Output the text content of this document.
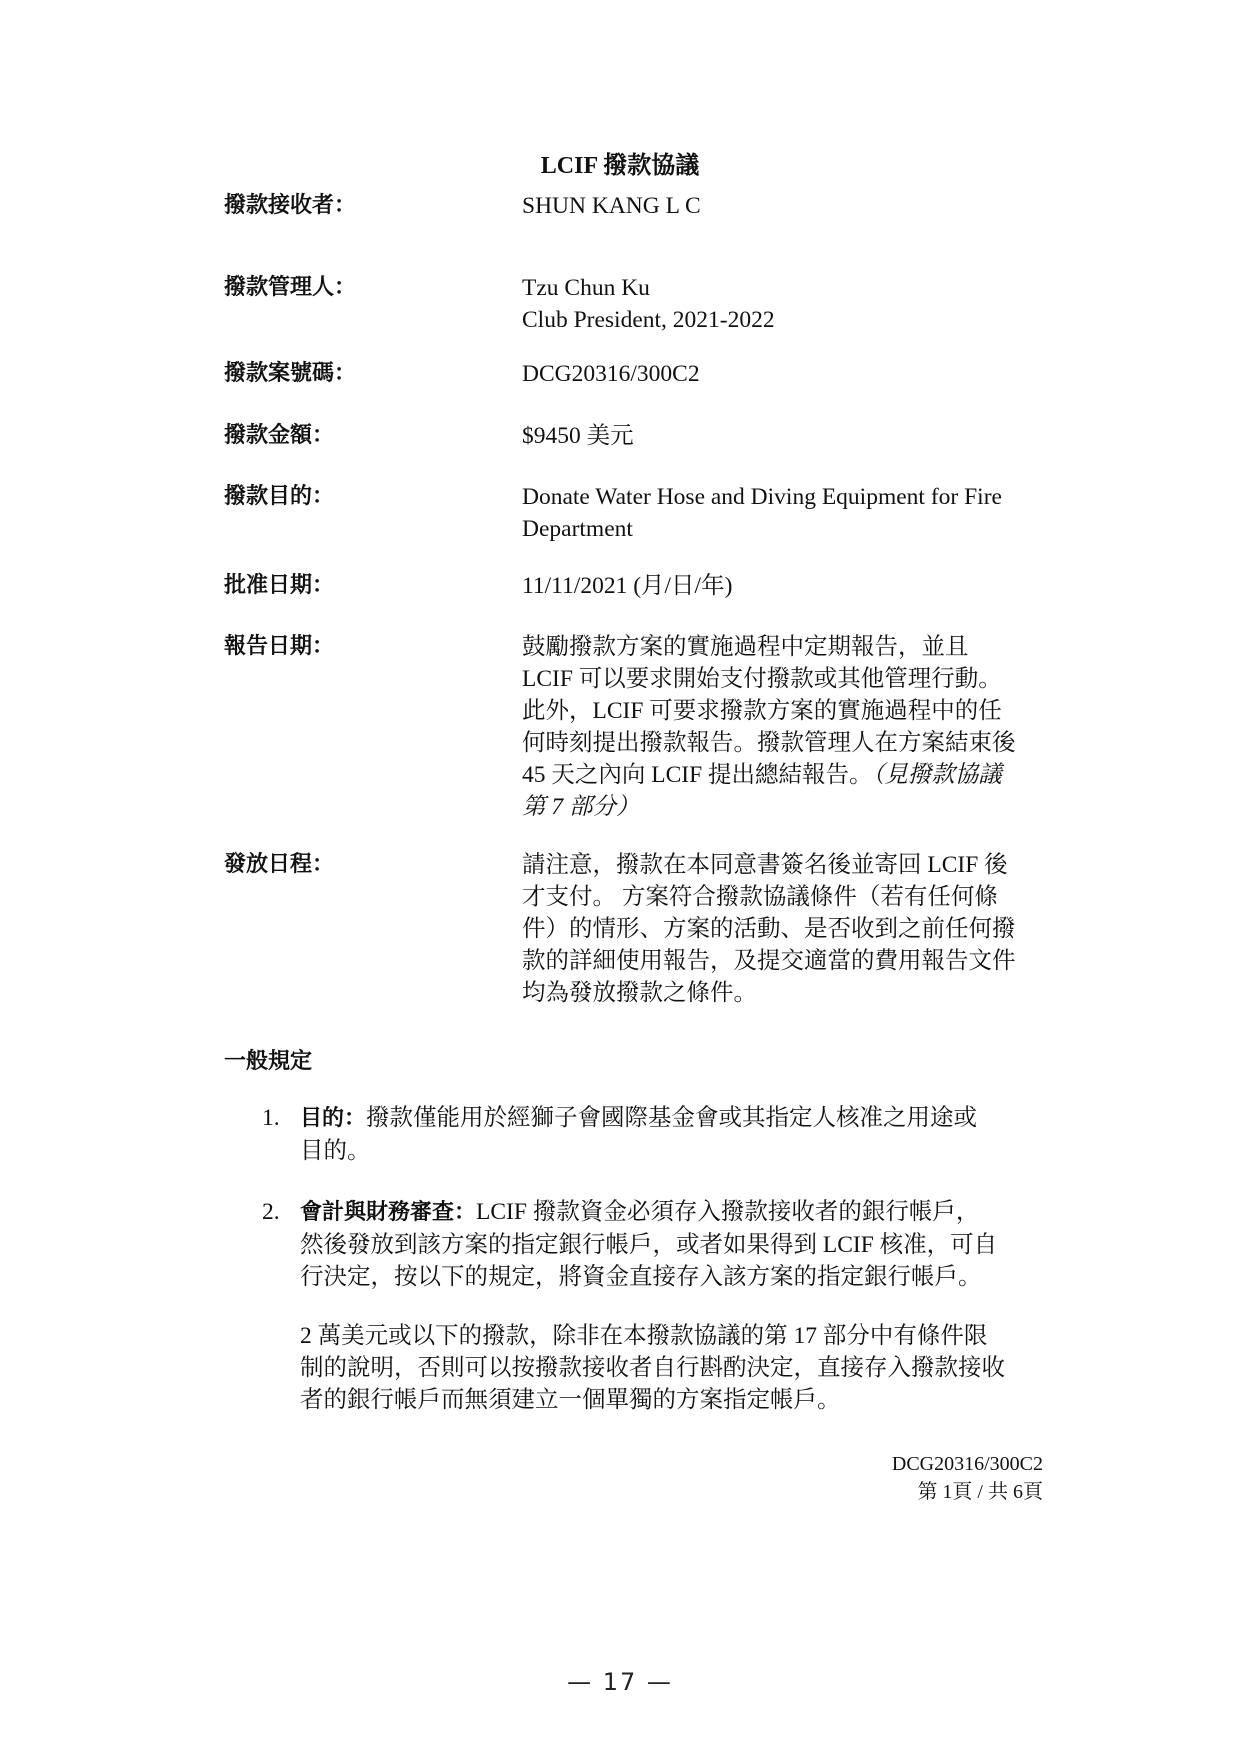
LCIF 撥款協議
撥款接收者：	SHUN KANG L C
撥款管理人：	Tzu Chun Ku
Club President, 2021-2022
撥款案號碼：	DCG20316/300C2
撥款金額：	$9450 美元
撥款目的：	Donate Water Hose and Diving Equipment for Fire
Department
批准日期：	11/11/2021 (月/日/年)
報告日期：	鼓勵撥款方案的實施過程中定期報告，並且
LCIF 可以要求開始支付撥款或其他管理行動。
此外，LCIF 可要求撥款方案的實施過程中的任
何時刻提出撥款報告。撥款管理人在方案結束後
45 天之內向 LCIF 提出總結報告。（見撥款協議
第 7 部分）
發放日程：	請注意，撥款在本同意書簽名後並寄回 LCIF 後
才支付。 方案符合撥款協議條件（若有任何條
件）的情形、方案的活動、是否收到之前任何撥
款的詳細使用報告，及提交適當的費用報告文件
均為發放撥款之條件。
一般規定
1. 目的：撥款僅能用於經獅子會國際基金會或其指定人核准之用途或
目的。
2. 會計與財務審查：LCIF 撥款資金必須存入撥款接收者的銀行帳戶，
然後發放到該方案的指定銀行帳戶，或者如果得到 LCIF 核准，可自
行決定，按以下的規定，將資金直接存入該方案的指定銀行帳戶。
2 萬美元或以下的撥款，除非在本撥款協議的第 17 部分中有條件限
制的說明，否則可以按撥款接收者自行斟酌決定，直接存入撥款接收
者的銀行帳戶而無須建立一個單獨的方案指定帳戶。
DCG20316/300C2
第 1頁 / 共 6頁
— 17 —
